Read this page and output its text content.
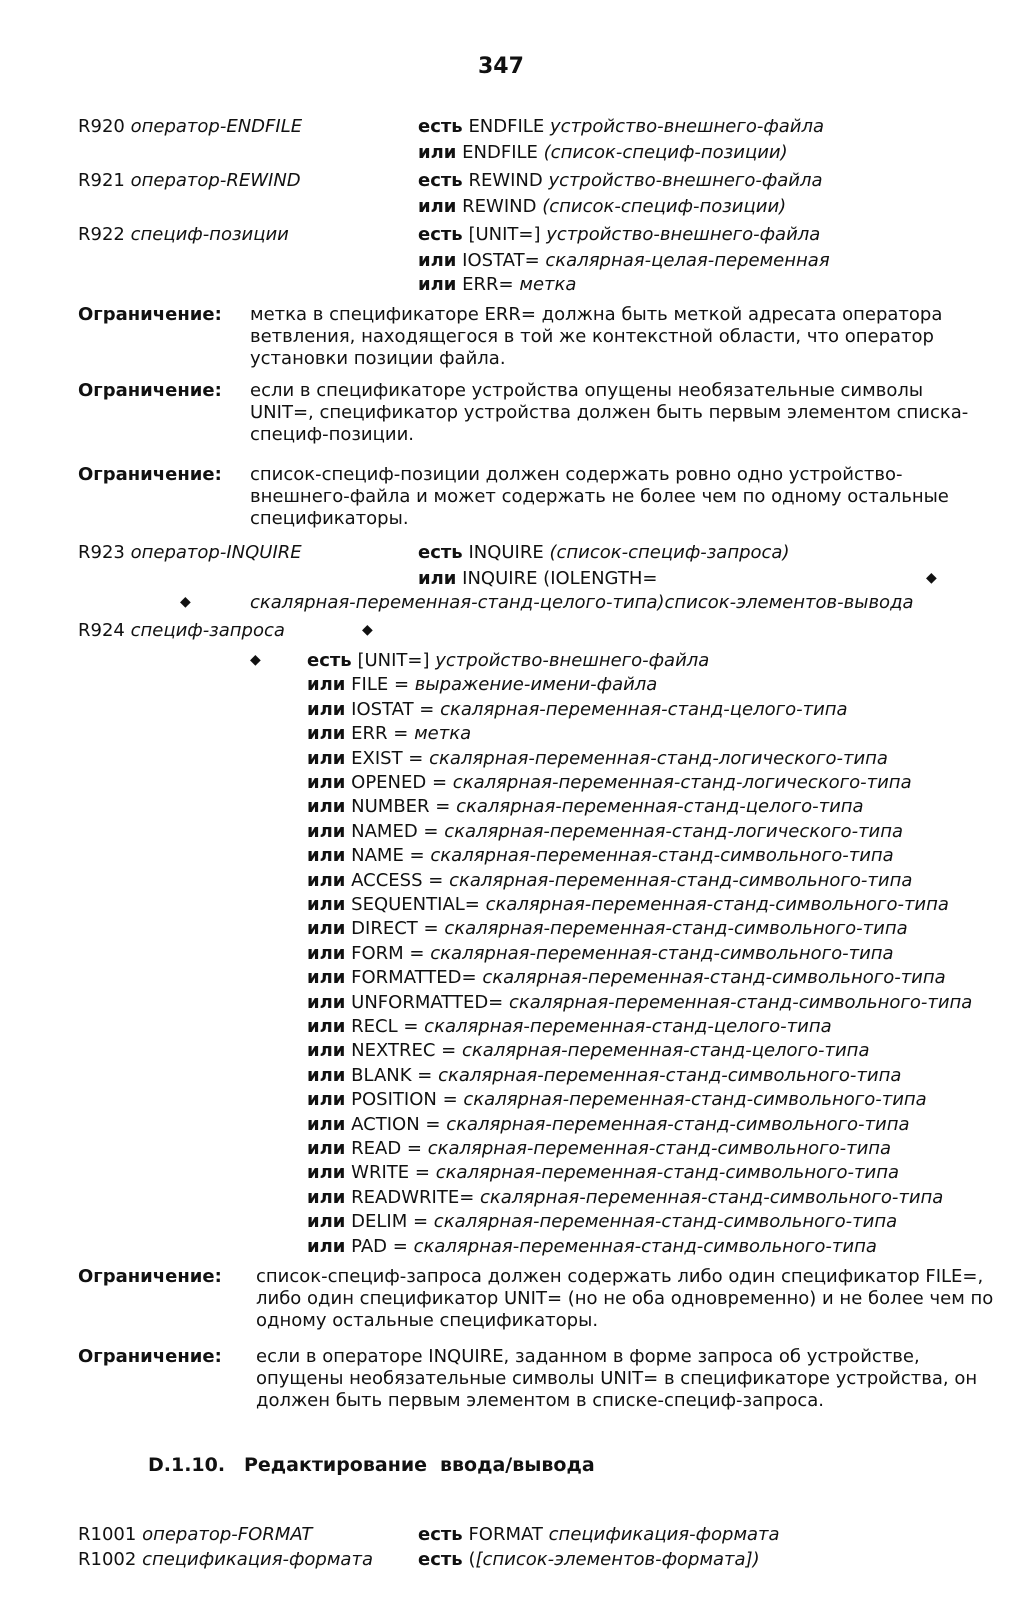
347
R920 оператор-ENDFILE	есть ENDFILE устройство-внешнего-файла
или ENDFILE (список-специф-позиции)
R921 оператор-REWIND	есть REWIND устройство-внешнего-файла
или REWIND (список-специф-позиции)
R922 специф-позиции	есть [UNIT=] устройство-внешнего-файла
или IOSTAT= скалярная-целая-переменная
или ERR= метка
Ограничение: метка в спецификаторе ERR= должна быть меткой адресата оператора ветвления, находящегося в той же контекстной области, что оператор установки позиции файла.
Ограничение: если в спецификаторе устройства опущены необязательные символы UNIT=, спецификатор устройства должен быть первым элементом списка-специф-позиции.
Ограничение: список-специф-позиции должен содержать ровно одно устройство-внешнего-файла и может содержать не более чем по одному остальные спецификаторы.
R923 оператор-INQUIRE	есть INQUIRE (список-специф-запроса)
или INQUIRE (IOLENGTH=	◆
◆	скалярная-переменная-станд-целого-типа)список-элементов-вывода
R924 специф-запроса	◆
◆	есть [UNIT=] устройство-внешнего-файла
или FILE = выражение-имени-файла
или IOSTAT = скалярная-переменная-станд-целого-типа
или ERR = метка
или EXIST = скалярная-переменная-станд-логического-типа
или OPENED = скалярная-переменная-станд-логического-типа
или NUMBER = скалярная-переменная-станд-целого-типа
или NAMED = скалярная-переменная-станд-логического-типа
или NAME = скалярная-переменная-станд-символьного-типа
или ACCESS = скалярная-переменная-станд-символьного-типа
или SEQUENTIAL= скалярная-переменная-станд-символьного-типа
или DIRECT = скалярная-переменная-станд-символьного-типа
или FORM = скалярная-переменная-станд-символьного-типа
или FORMATTED= скалярная-переменная-станд-символьного-типа
или UNFORMATTED= скалярная-переменная-станд-символьного-типа
или RECL = скалярная-переменная-станд-целого-типа
или NEXTREC = скалярная-переменная-станд-целого-типа
или BLANK = скалярная-переменная-станд-символьного-типа
или POSITION = скалярная-переменная-станд-символьного-типа
или ACTION = скалярная-переменная-станд-символьного-типа
или READ = скалярная-переменная-станд-символьного-типа
или WRITE = скалярная-переменная-станд-символьного-типа
или READWRITE= скалярная-переменная-станд-символьного-типа
или DELIM = скалярная-переменная-станд-символьного-типа
или PAD = скалярная-переменная-станд-символьного-типа
Ограничение: список-специф-запроса должен содержать либо один спецификатор FILE=, либо один спецификатор UNIT= (но не оба одновременно) и не более чем по одному остальные спецификаторы.
Ограничение: если в операторе INQUIRE, заданном в форме запроса об устройстве, опущены необязательные символы UNIT= в спецификаторе устройства, он должен быть первым элементом в списке-специф-запроса.
D.1.10. Редактирование ввода/вывода
R1001 оператор-FORMAT	есть FORMAT спецификация-формата
R1002 спецификация-формата	есть ([список-элементов-формата])
